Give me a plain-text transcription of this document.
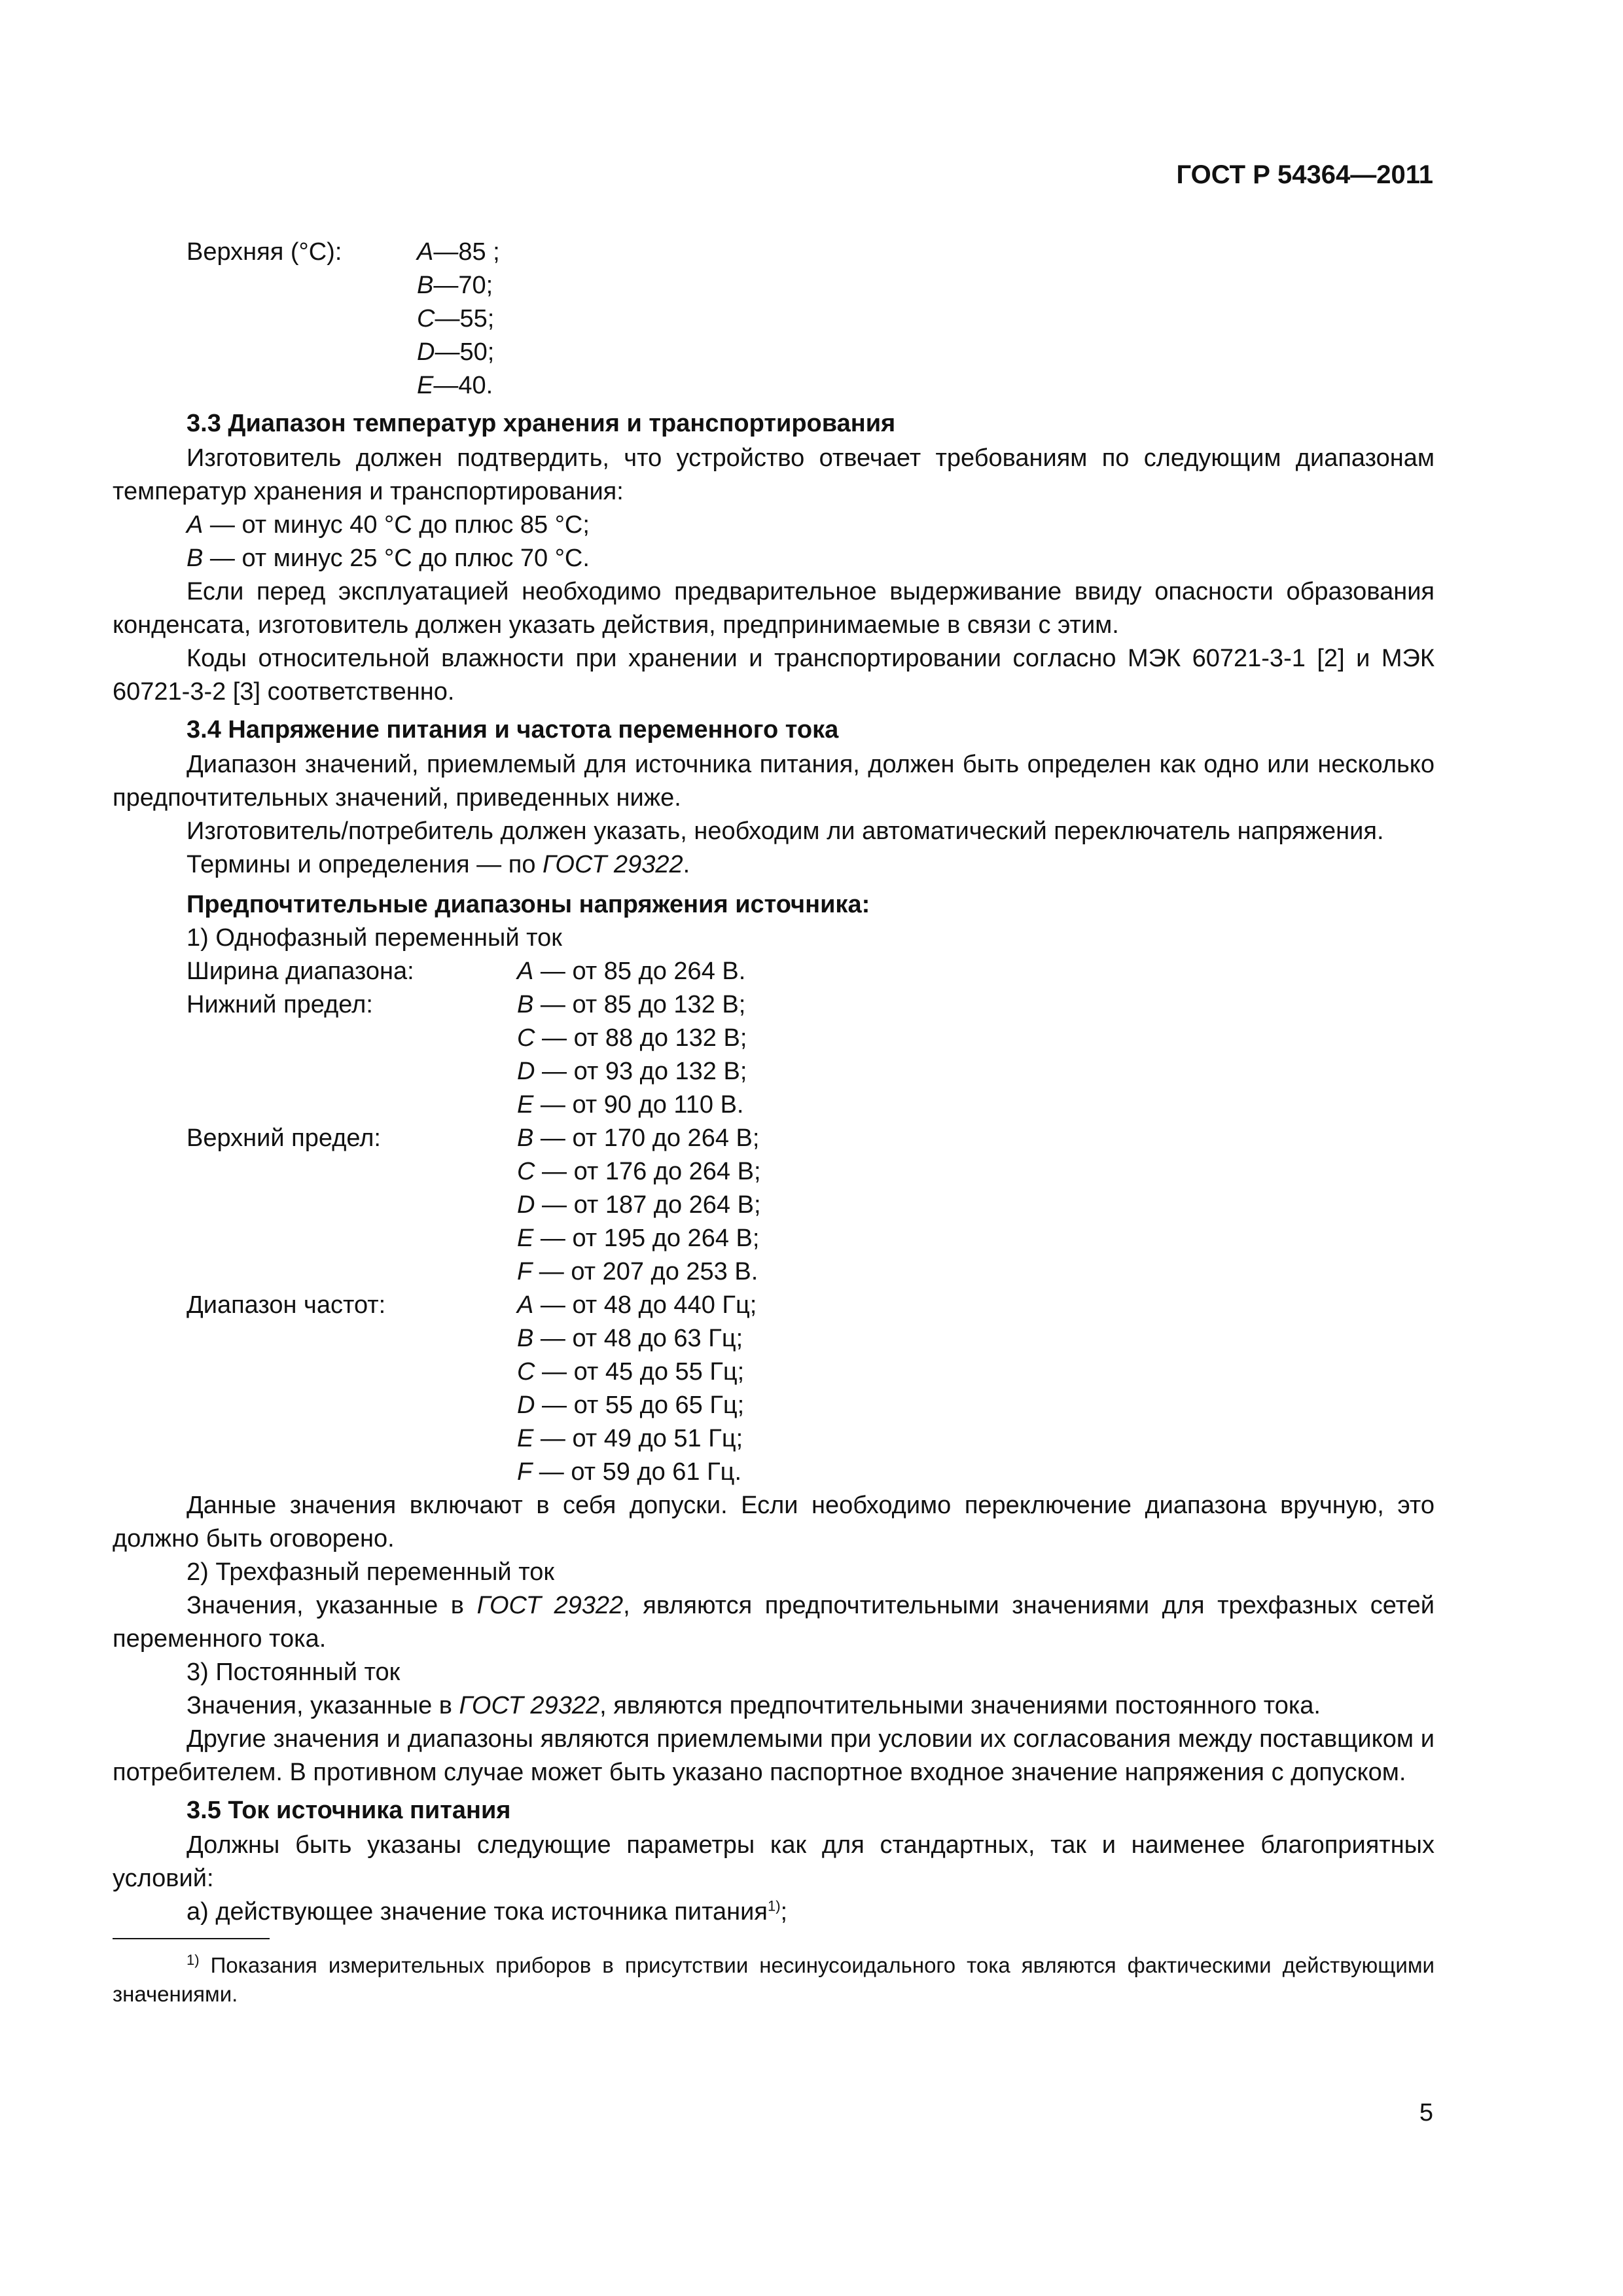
ГОСТ Р 54364—2011
Верхняя (°C):	А—85 ;
В—70;
С—55;
D—50;
E—40.
3.3 Диапазон температур хранения и транспортирования

Изготовитель должен подтвердить, что устройство отвечает требованиям по следующим диапазонам температур хранения и транспортирования:

А — от минус 40 °С до плюс 85 °С;
В — от минус 25 °С до плюс 70 °С.

Если перед эксплуатацией необходимо предварительное выдерживание ввиду опасности образования конденсата, изготовитель должен указать действия, предпринимаемые в связи с этим.

Коды относительной влажности при хранении и транспортировании согласно МЭК 60721-3-1 [2] и МЭК 60721-3-2 [3] соответственно.

3.4 Напряжение питания и частота переменного тока

Диапазон значений, приемлемый для источника питания, должен быть определен как одно или несколько предпочтительных значений, приведенных ниже.

Изготовитель/потребитель должен указать, необходим ли автоматический переключатель напряжения.

Термины и определения — по ГОСТ 29322.

Предпочтительные диапазоны напряжения источника:
1) Однофазный переменный ток
Ширина диапазона:	А — от 85 до 264 В.
Нижний предел:	В — от 85 до 132 В;
С — от 88 до 132 В;
D — от 93 до 132 В;
E — от 90 до 110 В.
Верхний предел:	В — от 170 до 264 В;
С — от 176 до 264 В;
D — от 187 до 264 В;
E — от 195 до 264 В;
F — от 207 до 253 В.
Диапазон частот:	А — от 48 до 440 Гц;
В — от 48 до 63 Гц;
С — от 45 до 55 Гц;
D — от 55 до 65 Гц;
E — от 49 до 51 Гц;
F — от 59 до 61 Гц.

Данные значения включают в себя допуски. Если необходимо переключение диапазона вручную, это должно быть оговорено.

2) Трехфазный переменный ток

Значения, указанные в ГОСТ 29322, являются предпочтительными значениями для трехфазных сетей переменного тока.

3) Постоянный ток

Значения, указанные в ГОСТ 29322, являются предпочтительными значениями постоянного тока.

Другие значения и диапазоны являются приемлемыми при условии их согласования между поставщиком и потребителем. В противном случае может быть указано паспортное входное значение напряжения с допуском.

3.5 Ток источника питания

Должны быть указаны следующие параметры как для стандартных, так и наименее благоприятных условий:

а) действующее значение тока источника питания$^{1)}$;

$^{1)}$ Показания измерительных приборов в присутствии несинусоидального тока являются фактическими действующими значениями.

5
